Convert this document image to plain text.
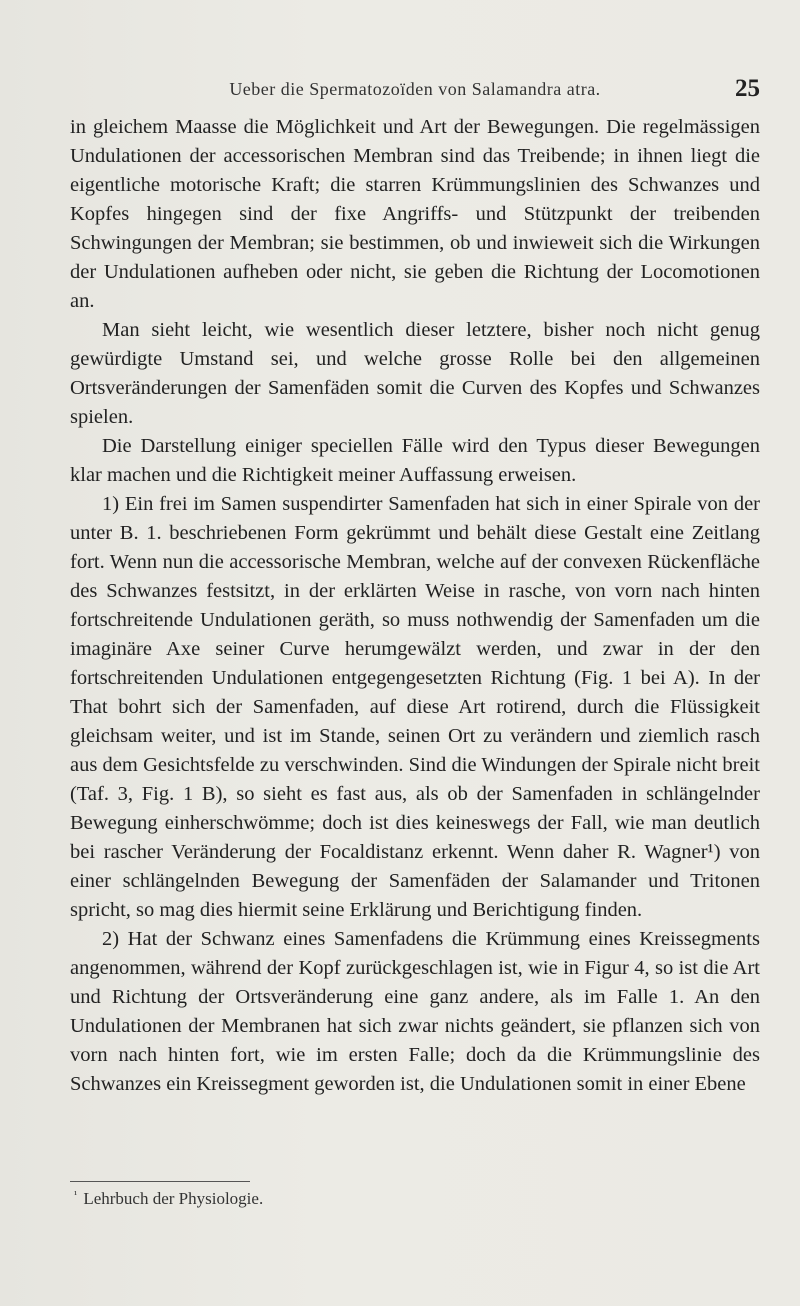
Ueber die Spermatozoïden von Salamandra atra.	25

in gleichem Maasse die Möglichkeit und Art der Bewegungen. Die regelmässigen Undulationen der accessorischen Membran sind das Treibende; in ihnen liegt die eigentliche motorische Kraft; die starren Krümmungslinien des Schwanzes und Kopfes hingegen sind der fixe Angriffs- und Stützpunkt der treibenden Schwingungen der Membran; sie bestimmen, ob und inwieweit sich die Wirkungen der Undulationen aufheben oder nicht, sie geben die Richtung der Locomotionen an.

Man sieht leicht, wie wesentlich dieser letztere, bisher noch nicht genug gewürdigte Umstand sei, und welche grosse Rolle bei den allgemeinen Ortsveränderungen der Samenfäden somit die Curven des Kopfes und Schwanzes spielen.

Die Darstellung einiger speciellen Fälle wird den Typus dieser Bewegungen klar machen und die Richtigkeit meiner Auffassung erweisen.

1) Ein frei im Samen suspendirter Samenfaden hat sich in einer Spirale von der unter B. 1. beschriebenen Form gekrümmt und behält diese Gestalt eine Zeitlang fort. Wenn nun die accessorische Membran, welche auf der convexen Rückenfläche des Schwanzes festsitzt, in der erklärten Weise in rasche, von vorn nach hinten fortschreitende Undulationen geräth, so muss nothwendig der Samenfaden um die imaginäre Axe seiner Curve herumgewälzt werden, und zwar in der den fortschreitenden Undulationen entgegengesetzten Richtung (Fig. 1 bei A). In der That bohrt sich der Samenfaden, auf diese Art rotirend, durch die Flüssigkeit gleichsam weiter, und ist im Stande, seinen Ort zu verändern und ziemlich rasch aus dem Gesichtsfelde zu verschwinden. Sind die Windungen der Spirale nicht breit (Taf. 3, Fig. 1 B), so sieht es fast aus, als ob der Samenfaden in schlängelnder Bewegung einherschwömme; doch ist dies keineswegs der Fall, wie man deutlich bei rascher Veränderung der Focaldistanz erkennt. Wenn daher R. Wagner¹) von einer schlängelnden Bewegung der Samenfäden der Salamander und Tritonen spricht, so mag dies hiermit seine Erklärung und Berichtigung finden.

2) Hat der Schwanz eines Samenfadens die Krümmung eines Kreissegments angenommen, während der Kopf zurückgeschlagen ist, wie in Figur 4, so ist die Art und Richtung der Ortsveränderung eine ganz andere, als im Falle 1. An den Undulationen der Membranen hat sich zwar nichts geändert, sie pflanzen sich von vorn nach hinten fort, wie im ersten Falle; doch da die Krümmungslinie des Schwanzes ein Kreissegment geworden ist, die Undulationen somit in einer Ebene

$^{^1}$ Lehrbuch der Physiologie.
